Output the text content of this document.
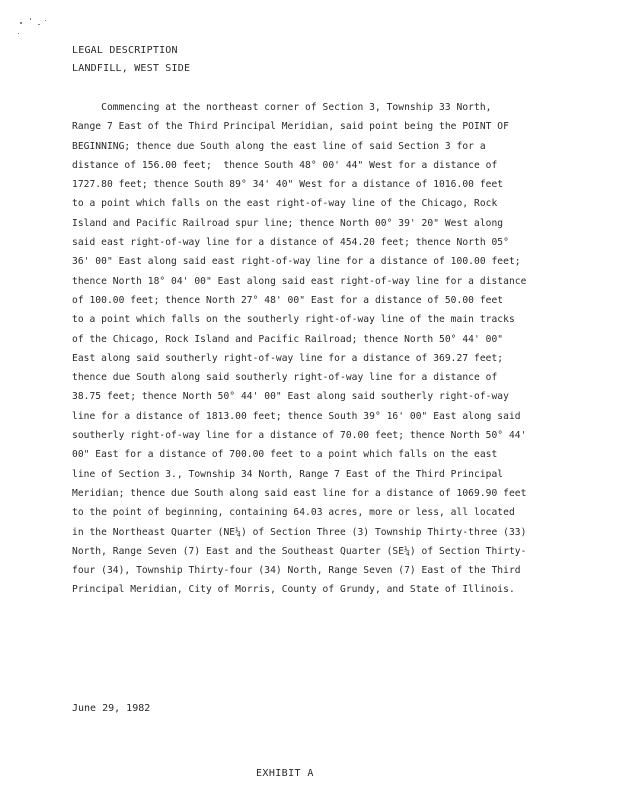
LEGAL DESCRIPTION
LANDFILL, WEST SIDE
Commencing at the northeast corner of Section 3, Township 33 North,
Range 7 East of the Third Principal Meridian, said point being the POINT OF
BEGINNING; thence due South along the east line of said Section 3 for a
distance of 156.00 feet;  thence South 48° 00' 44" West for a distance of
1727.80 feet; thence South 89° 34' 40" West for a distance of 1016.00 feet
to a point which falls on the east right-of-way line of the Chicago, Rock
Island and Pacific Railroad spur line; thence North 00° 39' 20" West along
said east right-of-way line for a distance of 454.20 feet; thence North 05°
36' 00" East along said east right-of-way line for a distance of 100.00 feet;
thence North 18° 04' 00" East along said east right-of-way line for a distance
of 100.00 feet; thence North 27° 48' 00" East for a distance of 50.00 feet
to a point which falls on the southerly right-of-way line of the main tracks
of the Chicago, Rock Island and Pacific Railroad; thence North 50° 44' 00"
East along said southerly right-of-way line for a distance of 369.27 feet;
thence due South along said southerly right-of-way line for a distance of
38.75 feet; thence North 50° 44' 00" East along said southerly right-of-way
line for a distance of 1813.00 feet; thence South 39° 16' 00" East along said
southerly right-of-way line for a distance of 70.00 feet; thence North 50° 44'
00" East for a distance of 700.00 feet to a point which falls on the east
line of Section 3., Township 34 North, Range 7 East of the Third Principal
Meridian; thence due South along said east line for a distance of 1069.90 feet
to the point of beginning, containing 64.03 acres, more or less, all located
in the Northeast Quarter (NE¼) of Section Three (3) Township Thirty-three (33)
North, Range Seven (7) East and the Southeast Quarter (SE¼) of Section Thirty-
four (34), Township Thirty-four (34) North, Range Seven (7) East of the Third
Principal Meridian, City of Morris, County of Grundy, and State of Illinois.
June 29, 1982
EXHIBIT A
